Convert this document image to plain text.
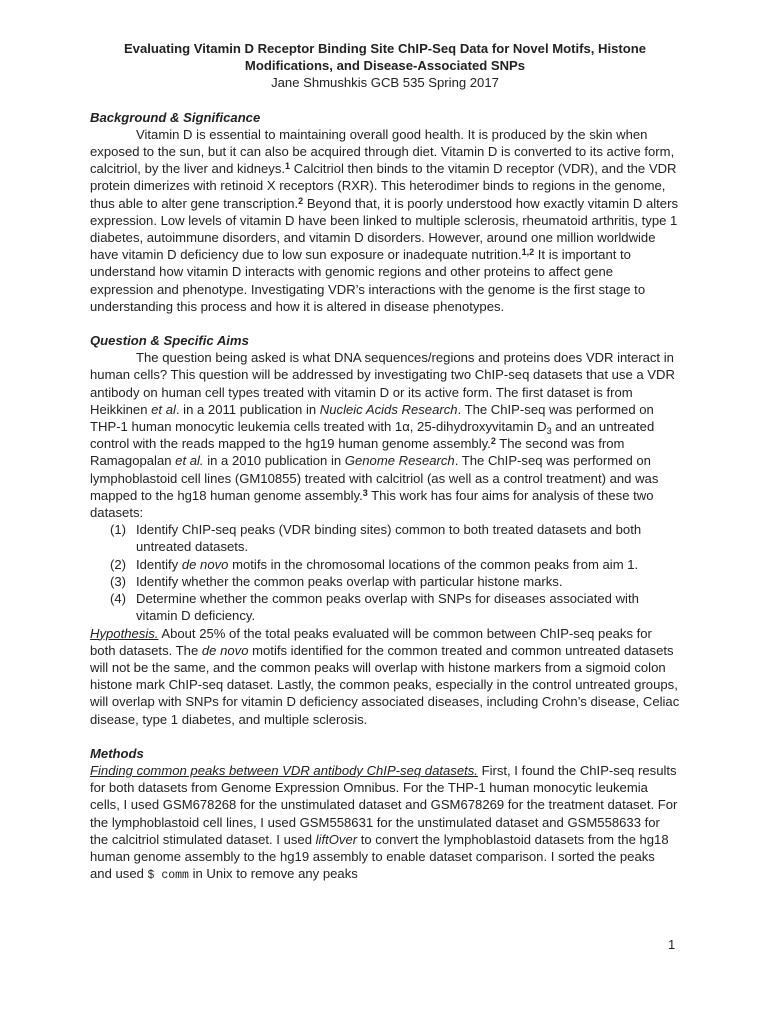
Evaluating Vitamin D Receptor Binding Site ChIP-Seq Data for Novel Motifs, Histone

Modifications, and Disease-Associated SNPs

Jane Shmushkis GCB 535 Spring 2017

Background & Significance

Vitamin D is essential to maintaining overall good health. It is produced by the skin when exposed to the sun, but it can also be acquired through diet. Vitamin D is converted to its active form, calcitriol, by the liver and kidneys.$^1$ Calcitriol then binds to the vitamin D receptor (VDR), and the VDR protein dimerizes with retinoid X receptors (RXR). This heterodimer binds to regions in the genome, thus able to alter gene transcription.$^2$ Beyond that, it is poorly understood how exactly vitamin D alters expression. Low levels of vitamin D have been linked to multiple sclerosis, rheumatoid arthritis, type 1 diabetes, autoimmune disorders, and vitamin D disorders. However, around one million worldwide have vitamin D deficiency due to low sun exposure or inadequate nutrition.$^{1,2}$ It is important to understand how vitamin D interacts with genomic regions and other proteins to affect gene expression and phenotype. Investigating VDR’s interactions with the genome is the first stage to understanding this process and how it is altered in disease phenotypes.

Question & Specific Aims

The question being asked is what DNA sequences/regions and proteins does VDR interact in human cells? This question will be addressed by investigating two ChIP-seq datasets that use a VDR antibody on human cell types treated with vitamin D or its active form. The first dataset is from Heikkinen et al. in a 2011 publication in Nucleic Acids Research. The ChIP-seq was performed on THP-1 human monocytic leukemia cells treated with 1α, 25-dihydroxyvitamin $D_3$ and an untreated control with the reads mapped to the hg19 human genome assembly.$^2$ The second was from Ramagopalan et al. in a 2010 publication in Genome Research. The ChIP-seq was performed on lymphoblastoid cell lines (GM10855) treated with calcitriol (as well as a control treatment) and was mapped to the hg18 human genome assembly.$^3$ This work has four aims for analysis of these two datasets:

(1) Identify ChIP-seq peaks (VDR binding sites) common to both treated datasets and both untreated datasets.
(2) Identify de novo motifs in the chromosomal locations of the common peaks from aim 1.
(3) Identify whether the common peaks overlap with particular histone marks.
(4) Determine whether the common peaks overlap with SNPs for diseases associated with vitamin D deficiency.

Hypothesis. About 25% of the total peaks evaluated will be common between ChIP-seq peaks for both datasets. The de novo motifs identified for the common treated and common untreated datasets will not be the same, and the common peaks will overlap with histone markers from a sigmoid colon histone mark ChIP-seq dataset. Lastly, the common peaks, especially in the control untreated groups, will overlap with SNPs for vitamin D deficiency associated diseases, including Crohn’s disease, Celiac disease, type 1 diabetes, and multiple sclerosis.

Methods

Finding common peaks between VDR antibody ChIP-seq datasets. First, I found the ChIP-seq results for both datasets from Genome Expression Omnibus. For the THP-1 human monocytic leukemia cells, I used GSM678268 for the unstimulated dataset and GSM678269 for the treatment dataset. For the lymphoblastoid cell lines, I used GSM558631 for the unstimulated dataset and GSM558633 for the calcitriol stimulated dataset. I used liftOver to convert the lymphoblastoid datasets from the hg18 human genome assembly to the hg19 assembly to enable dataset comparison. I sorted the peaks and used $ comm in Unix to remove any peaks

1
